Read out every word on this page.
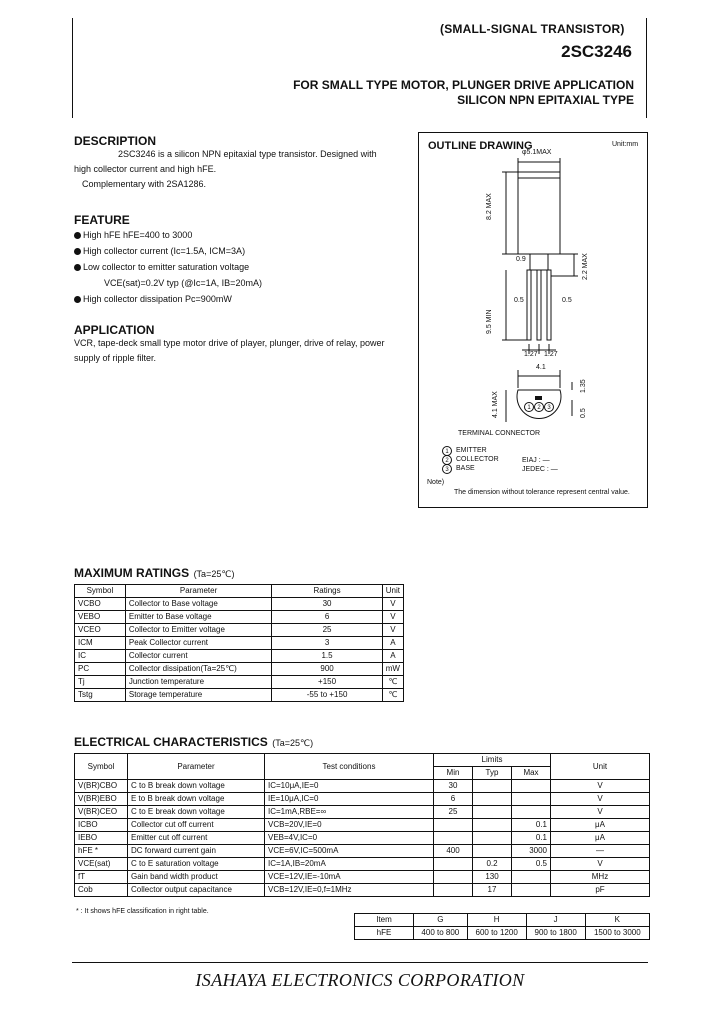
(SMALL-SIGNAL TRANSISTOR)
2SC3246
FOR SMALL TYPE MOTOR, PLUNGER DRIVE APPLICATION
SILICON NPN EPITAXIAL TYPE
DESCRIPTION
2SC3246 is a silicon NPN epitaxial type transistor. Designed with
high collector current and high hFE.
Complementary with 2SA1286.
FEATURE
High hFE hFE=400 to 3000
High collector current (Ic=1.5A, ICM=3A)
Low collector to emitter saturation voltage
VCE(sat)=0.2V typ (@Ic=1A, IB=20mA)
High collector dissipation Pc=900mW
APPLICATION
VCR, tape-deck small type motor drive of player, plunger, drive of relay, power
supply of ripple filter.
OUTLINE DRAWING	Unit:mm
1 2 3
1
2
3
φ5.1MAX
8.2 MAX
9.5 MIN
0.9	2.2 MAX
0.5	0.5
1.27 1.27
4.1
4.1 MAX
1.35
0.5
TERMINAL CONNECTOR
EMITTER
COLLECTOR
BASE
EIAJ : —
JEDEC : —
Note)
The dimension without tolerance represent central value.
MAXIMUM RATINGS (Ta=25℃)
Symbol	Parameter	Ratings	Unit
VCBO	Collector to Base voltage	30	V
VEBO	Emitter to Base voltage	6	V
VCEO	Collector to Emitter voltage	25	V
ICM	Peak Collector current	3	A
IC	Collector current	1.5	A
PC	Collector dissipation(Ta=25℃)	900	mW
Tj	Junction temperature	+150	℃
Tstg	Storage temperature	-55 to +150	℃
ELECTRICAL CHARACTERISTICS (Ta=25℃)
Symbol	Parameter	Test conditions	Limits			Unit
			Min	Typ	Max	
V(BR)CBO	C to B break down voltage	IC=10μA,IE=0	30			V
V(BR)EBO	E to B break down voltage	IE=10μA,IC=0	6			V
V(BR)CEO	C to E break down voltage	IC=1mA,RBE=∞	25			V
ICBO	Collector cut off current	VCB=20V,IE=0			0.1	μA
IEBO	Emitter cut off current	VEB=4V,IC=0			0.1	μA
hFE *	DC forward current gain	VCE=6V,IC=500mA	400		3000	—
VCE(sat)	C to E saturation voltage	IC=1A,IB=20mA		0.2	0.5	V
fT	Gain band width product	VCE=12V,IE=-10mA		130		MHz
Cob	Collector output capacitance	VCB=12V,IE=0,f=1MHz		17		pF
* : It shows hFE classification in right table.
Item	G	H	J	K
hFE	400 to 800	600 to 1200	900 to 1800	1500 to 3000
ISAHAYA ELECTRONICS CORPORATION
